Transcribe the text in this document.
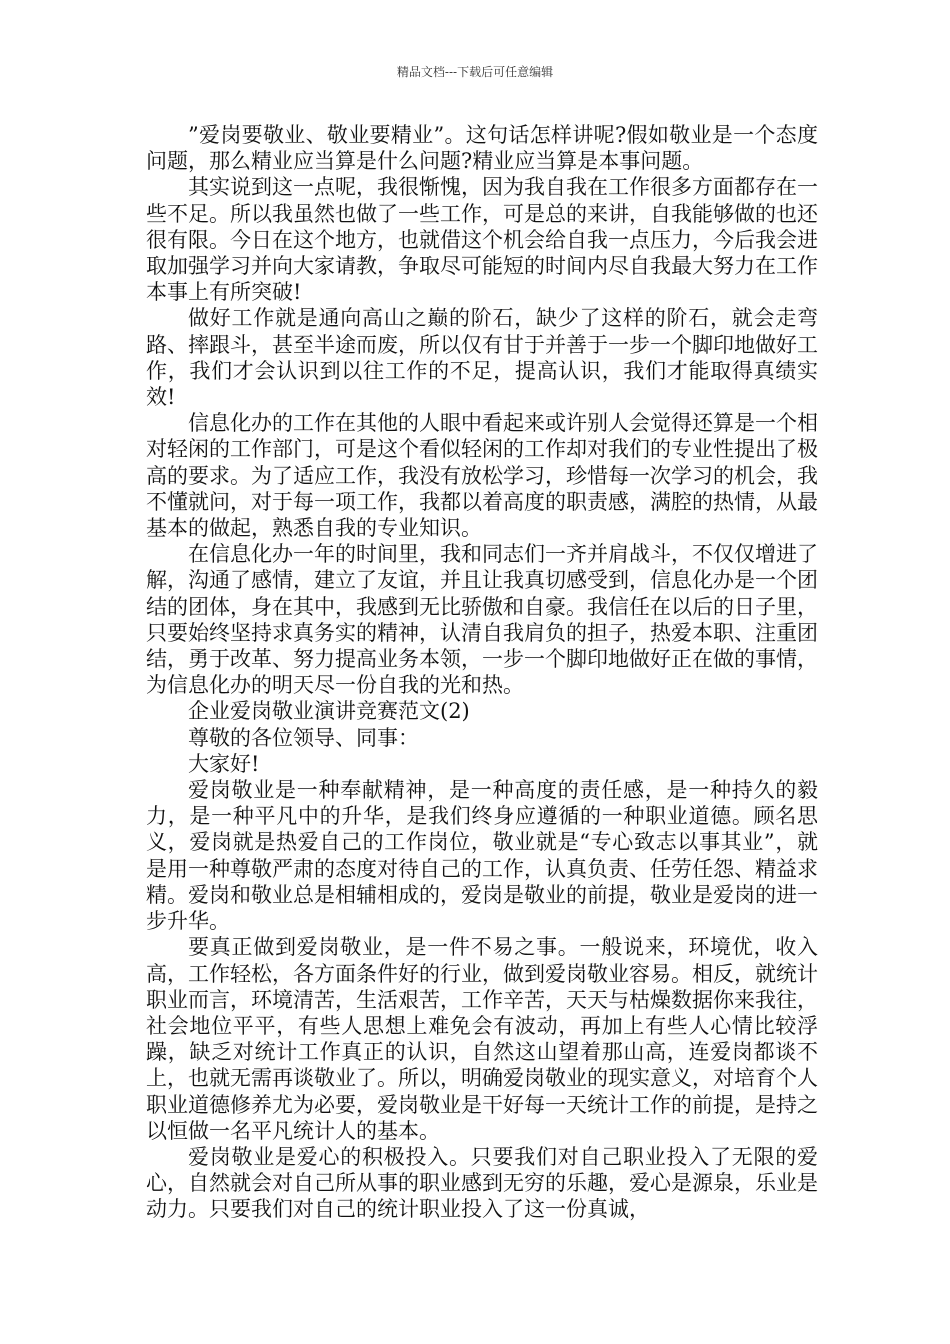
精品文档---下载后可任意编辑

”爱岗要敬业、敬业要精业”。这句话怎样讲呢?假如敬业是一个态度问题，那么精业应当算是什么问题?精业应当算是本事问题。

其实说到这一点呢，我很惭愧，因为我自我在工作很多方面都存在一些不足。所以我虽然也做了一些工作，可是总的来讲，自我能够做的也还很有限。今日在这个地方，也就借这个机会给自我一点压力，今后我会进取加强学习并向大家请教，争取尽可能短的时间内尽自我最大努力在工作本事上有所突破!

做好工作就是通向高山之巅的阶石，缺少了这样的阶石，就会走弯路、摔跟斗，甚至半途而废，所以仅有甘于并善于一步一个脚印地做好工作，我们才会认识到以往工作的不足，提高认识，我们才能取得真绩实效!

信息化办的工作在其他的人眼中看起来或许别人会觉得还算是一个相对轻闲的工作部门，可是这个看似轻闲的工作却对我们的专业性提出了极高的要求。为了适应工作，我没有放松学习，珍惜每一次学习的机会，我不懂就问，对于每一项工作，我都以着高度的职责感，满腔的热情，从最基本的做起，熟悉自我的专业知识。

在信息化办一年的时间里，我和同志们一齐并肩战斗，不仅仅增进了解，沟通了感情，建立了友谊，并且让我真切感受到，信息化办是一个团结的团体，身在其中，我感到无比骄傲和自豪。我信任在以后的日子里，只要始终坚持求真务实的精神，认清自我肩负的担子，热爱本职、注重团结，勇于改革、努力提高业务本领，一步一个脚印地做好正在做的事情，为信息化办的明天尽一份自我的光和热。

企业爱岗敬业演讲竞赛范文(2)

尊敬的各位领导、同事：

大家好!

爱岗敬业是一种奉献精神，是一种高度的责任感，是一种持久的毅力，是一种平凡中的升华，是我们终身应遵循的一种职业道德。顾名思义，爱岗就是热爱自己的工作岗位，敬业就是“专心致志以事其业”，就是用一种尊敬严肃的态度对待自己的工作，认真负责、任劳任怨、精益求精。爱岗和敬业总是相辅相成的，爱岗是敬业的前提，敬业是爱岗的进一步升华。

要真正做到爱岗敬业，是一件不易之事。一般说来，环境优，收入高，工作轻松，各方面条件好的行业，做到爱岗敬业容易。相反，就统计职业而言，环境清苦，生活艰苦，工作辛苦，天天与枯燥数据你来我往，社会地位平平，有些人思想上难免会有波动，再加上有些人心情比较浮躁，缺乏对统计工作真正的认识，自然这山望着那山高，连爱岗都谈不上，也就无需再谈敬业了。所以，明确爱岗敬业的现实意义，对培育个人职业道德修养尤为必要，爱岗敬业是干好每一天统计工作的前提，是持之以恒做一名平凡统计人的基本。

爱岗敬业是爱心的积极投入。只要我们对自己职业投入了无限的爱心，自然就会对自己所从事的职业感到无穷的乐趣，爱心是源泉，乐业是动力。只要我们对自己的统计职业投入了这一份真诚，
